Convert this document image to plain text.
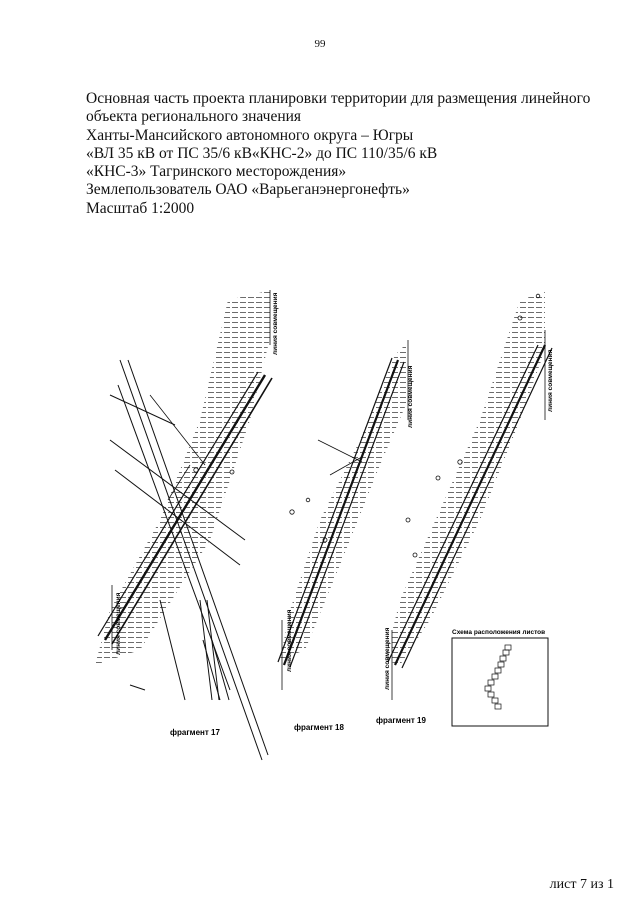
99
Основная часть проекта планировки территории для размещения линейного
объекта регионального значения
Ханты-Мансийского автономного округа – Югры
«ВЛ 35 кВ от ПС 35/6 кВ«КНС-2» до ПС 110/35/6 кВ
«КНС-3» Тагринского месторождения»
Землепользователь ОАО «Варьеганэнергонефть»
Масштаб 1:2000
линия совмещения
линия совмещения
линия совмещения
линия совмещения
линия совмещения
линия совмещения
фрагмент 17
фрагмент 18
фрагмент 19
Схема расположения листов
лист 7 из 1
